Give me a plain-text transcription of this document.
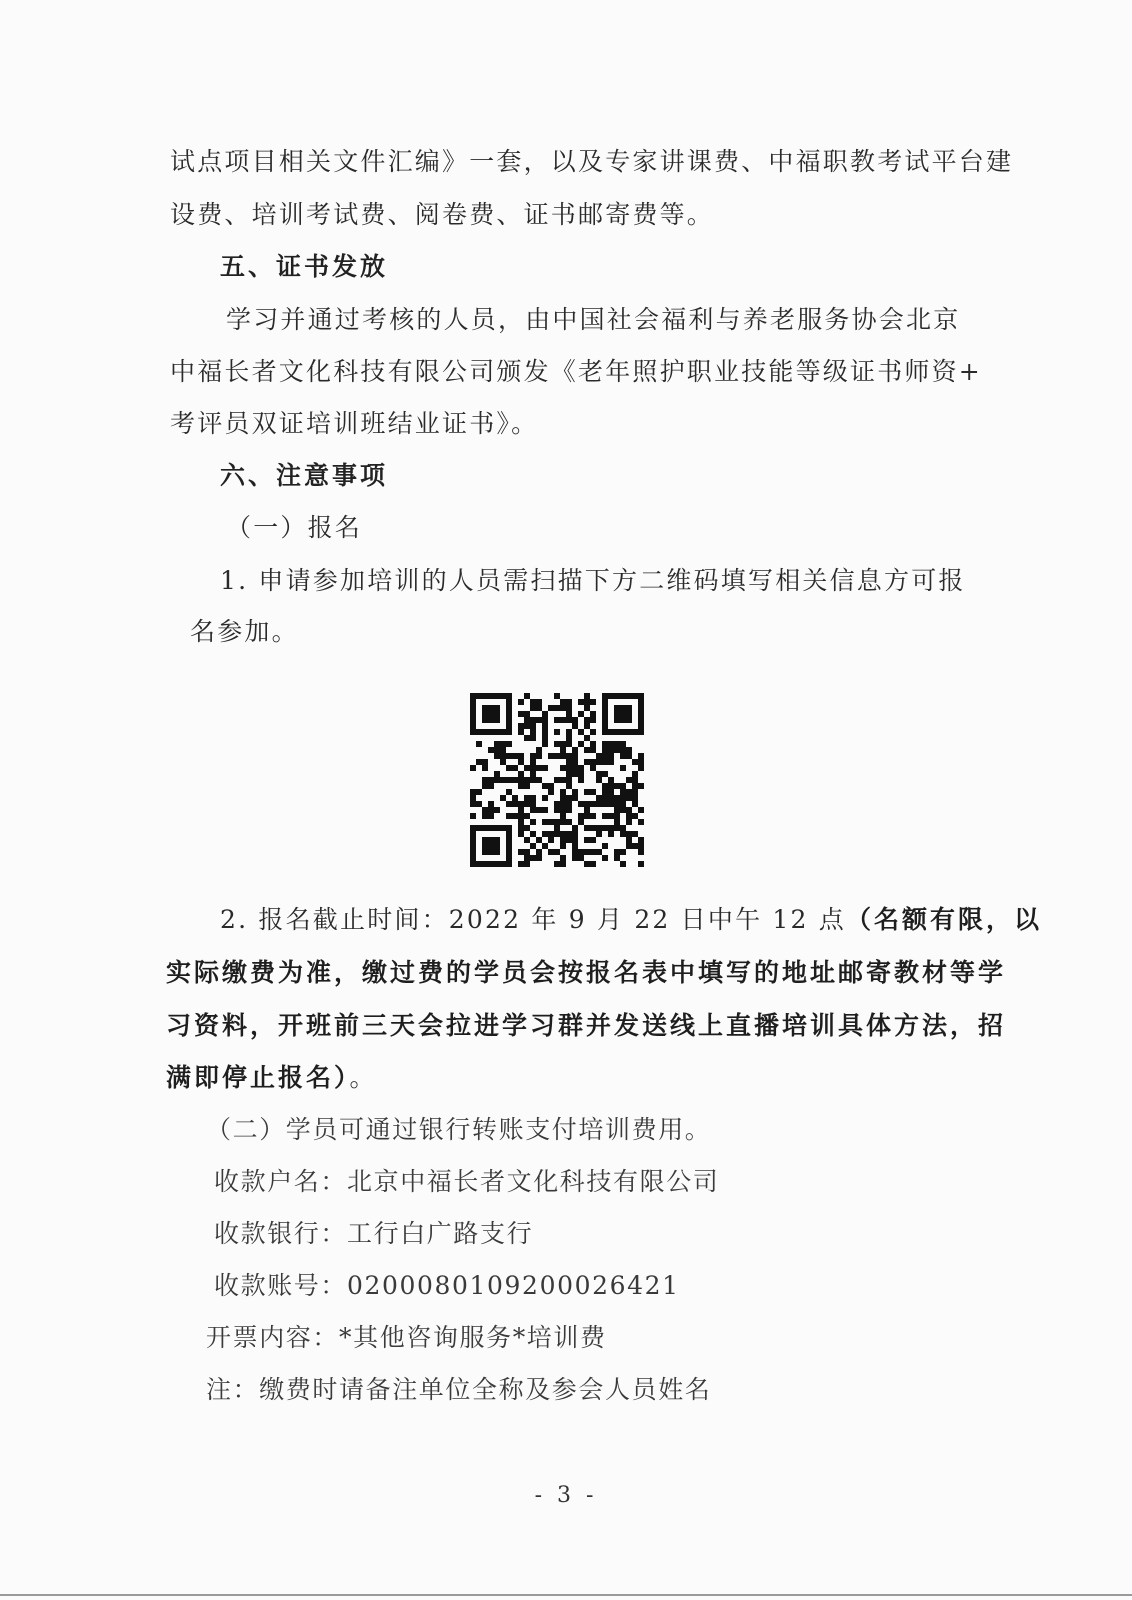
试点项目相关文件汇编》一套，以及专家讲课费、中福职教考试平台建
设费、培训考试费、阅卷费、证书邮寄费等。
五、证书发放
学习并通过考核的人员，由中国社会福利与养老服务协会北京
中福长者文化科技有限公司颁发《老年照护职业技能等级证书师资+
考评员双证培训班结业证书》。
六、注意事项
（一）报名
1. 申请参加培训的人员需扫描下方二维码填写相关信息方可报
名参加。
2. 报名截止时间：2022 年 9 月 22 日中午 12 点（名额有限，以
实际缴费为准，缴过费的学员会按报名表中填写的地址邮寄教材等学
习资料，开班前三天会拉进学习群并发送线上直播培训具体方法，招
满即停止报名）。
（二）学员可通过银行转账支付培训费用。
收款户名：北京中福长者文化科技有限公司
收款银行：工行白广路支行
收款账号：0200080109200026421
开票内容：*其他咨询服务*培训费
注：缴费时请备注单位全称及参会人员姓名
- 3 -
